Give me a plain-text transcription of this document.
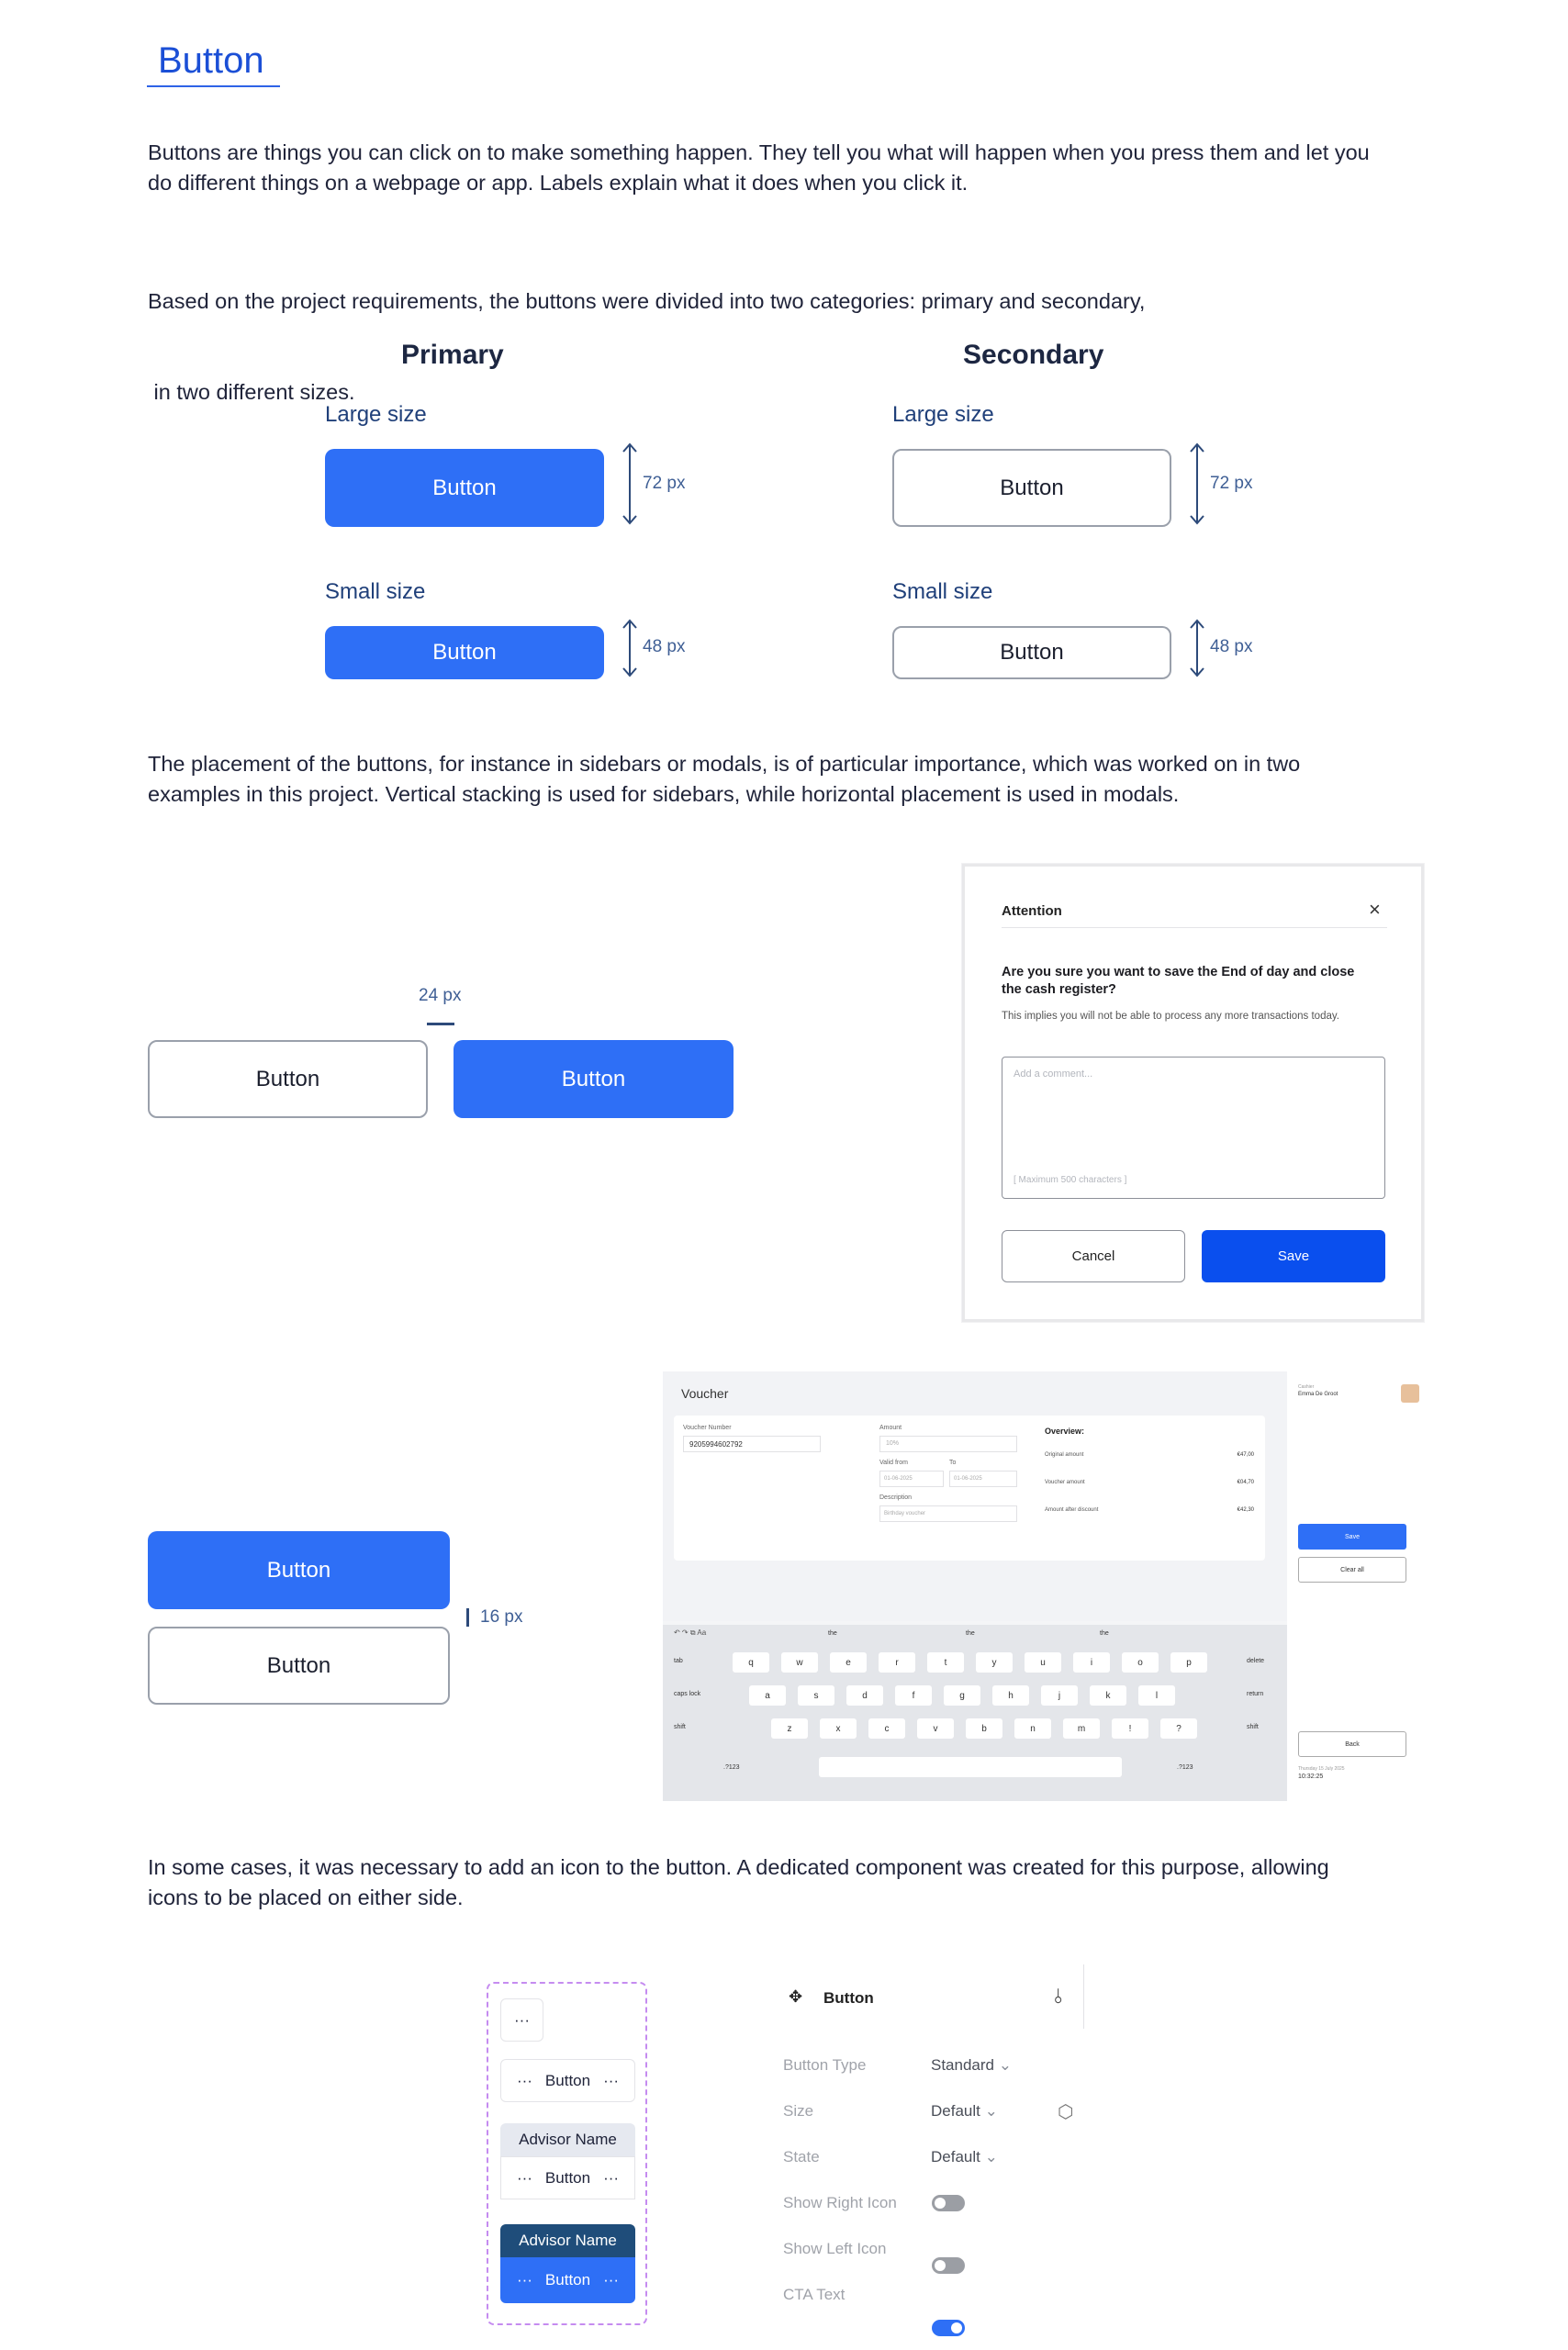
Button
Buttons are things you can click on to make something happen. They tell you what will happen when you press them and let you
do different things on a webpage or app. Labels explain what it does when you click it.

Based on the project requirements, the buttons were divided into two categories: primary and secondary,

in two different sizes.

Primary
Large size
Button	72 px
Small size
Button	48 px
Secondary
Large size
Button	72 px
Small size
Button	48 px
The placement of the buttons, for instance in sidebars or modals, is of particular importance, which was worked on in two
examples in this project. Vertical stacking is used for sidebars, while horizontal placement is used in modals.
24 px
Button	Button
Attention	×
Are you sure you want to save the End of day and close
the cash register?
This implies you will not be able to process any more transactions today.
Add a comment...
[ Maximum 500 characters ]
Cancel	Save
Button
Button
16 px
Voucher
Voucher Number
9205994602792
Amount
10%
Valid from	To
01-06-2025	01-06-2025
Description
Birthday voucher
Overview:
Original amount	€47,00
Voucher amount	€04,70
Amount after discount	€42,30
↶ ↷ ⧉ Aa	the	the	the
tab
caps lock
shift
delete
return
shift
q	w	e	r	t	y	u	i	o	p
a	s	d	f	g	h	j	k	l
z	x	c	v	b	n	m	!	?
.?123	.?123
Cashier
Emma De Groot
Save
Clear all
Back
Thursday 15 July 2025
10:32:25
In some cases, it was necessary to add an icon to the button. A dedicated component was created for this purpose, allowing
icons to be placed on either side.
···
··· Button ···
Advisor Name
··· Button ···
Advisor Name
··· Button ···
✥ Button	⫰
Button Type	Standard ⌄
Size	Default ⌄	⬡
State	Default ⌄
Show Right Icon
Show Left Icon
CTA Text
